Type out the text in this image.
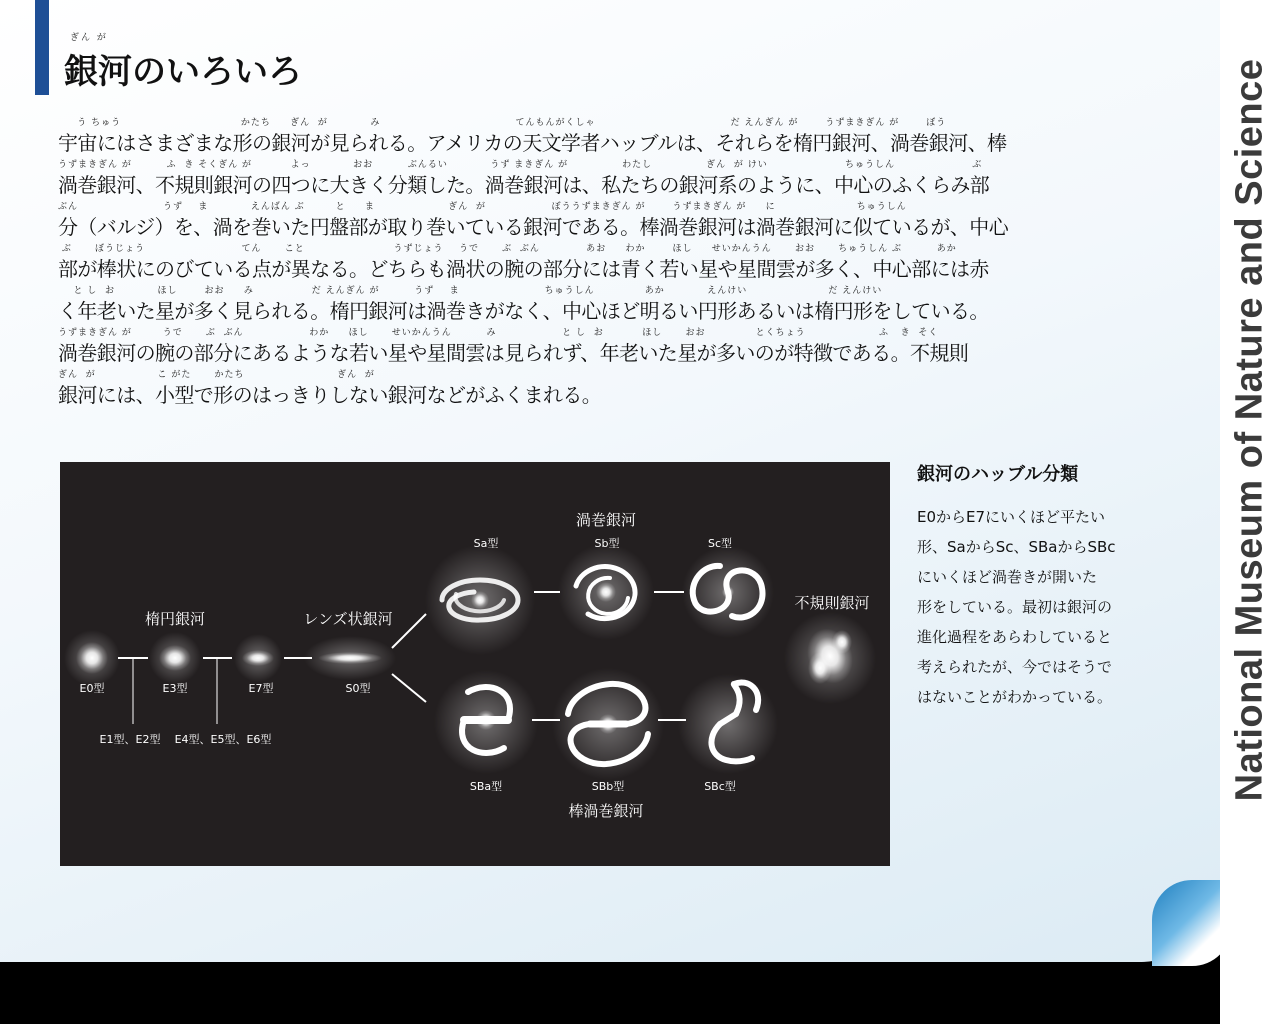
National Museum of Nature and Science
ぎん が
銀河のいろいろ
う ちゅう                               かたち     ぎん  が           み                                   てんもんがくしゃ                                   だ えんぎん が       うずまきぎん が       ぼう
宇宙にはさまざまな形の銀河が見られる。アメリカの天文学者ハッブルは、それらを楕円銀河、渦巻銀河、棒
うずまきぎん が         ふ  き そくぎん が          よっ           おお         ぶんるい           うず まきぎん が              わたし              ぎん  が けい                    ちゅうしん                    ぶ
渦巻銀河、不規則銀河の四つに大きく分類した。渦巻銀河は、私たちの銀河系のように、中心のふくらみ部
ぶん                      うず    ま           えんばん ぶ        と     ま                   ぎん  が                 ぼううずまきぎん が       うずまきぎん が     に                     ちゅうしん
分（バルジ）を、渦を巻いた円盤部が取り巻いている銀河である。棒渦巻銀河は渦巻銀河に似ているが、中心
ぶ      ぼうじょう                         てん      こと                       うずじょう    うで      ぶ  ぶん            あお     わか       ほし     せいかんうん      おお      ちゅうしん ぶ         あか
部が棒状にのびている点が異なる。どちらも渦状の腕の部分には青く若い星や星間雲が多く、中心部には赤
と し  お           ほし       おお     み               だ えんぎん が         うず    ま                      ちゅうしん             あか           えんけい                     だ えんけい
く年老いた星が多く見られる。楕円銀河は渦巻きがなく、中心ほど明るい円形あるいは楕円形をしている。
うずまきぎん が        うで      ぶ  ぶん                 わか     ほし      せいかんうん         み                 と し  お          ほし      おお             とくちょう                   ふ   き  そく
渦巻銀河の腕の部分にあるような若い星や星間雲は見られず、年老いた星が多いのが特徴である。不規則
ぎん  が                こ がた      かたち                        ぎん  が
銀河には、小型で形のはっきりしない銀河などがふくまれる。
楕円銀河	レンズ状銀河
渦巻銀河
棒渦巻銀河
不規則銀河
E0型	E3型	E7型
E1型、E2型 E4型、E5型、E6型
S0型
Sa型	Sb型	Sc型
SBa型	SBb型	SBc型
銀河のハッブル分類
E0からE7にいくほど平たい
形、SaからSc、SBaからSBc
にいくほど渦巻きが開いた
形をしている。最初は銀河の
進化過程をあらわしていると
考えられたが、今ではそうで
はないことがわかっている。
